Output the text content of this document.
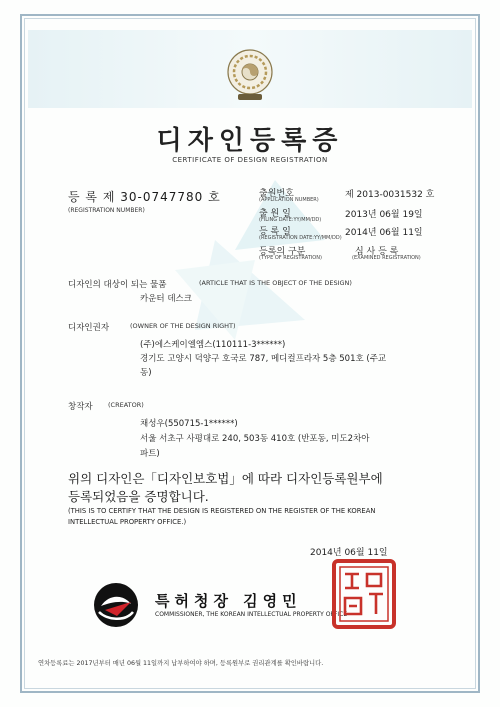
디자인등록증
CERTIFICATE OF DESIGN REGISTRATION
등 록 제 30-0747780 호
(REGISTRATION NUMBER)
출원번호
(APPLICATION NUMBER)	제 2013-0031532 호
출 원 일
(FILING DATE:YY/MM/DD)	2013년 06월 19일
등 록 일
(REGISTRATION DATE:YY/MM/DD) 2014년 06월 11일
등록의 구분
(TYPE OF REGISTRATION)
심 사 등 록
(EXAMINED REGISTRATION)
디자인의 대상이 되는 물품	(ARTICLE THAT IS THE OBJECT OF THE DESIGN)
카운터 데스크
디자인권자	(OWNER OF THE DESIGN RIGHT)
(주)에스케이엘엠스(110111-3******)
경기도 고양시 덕양구 호국로 787, 메디컬프라자 5층 501호 (주교
동)
창작자 (CREATOR)
채성우(550715-1******)
서울 서초구 사평대로 240, 503동 410호 (반포동, 미도2차아
파트)
위의 디자인은「디자인보호법」에 따라 디자인등록원부에
등록되었음을 증명합니다.
(THIS IS TO CERTIFY THAT THE DESIGN IS REGISTERED ON THE REGISTER OF THE KOREAN
INTELLECTUAL PROPERTY OFFICE.)
2014년 06월 11일
특허청장 김영민
COMMISSIONER, THE KOREAN INTELLECTUAL PROPERTY OFFICE
연차등록료는 2017년부터 매년 06월 11일까지 납부하여야 하며, 등록원부로 권리관계를 확인바랍니다.
